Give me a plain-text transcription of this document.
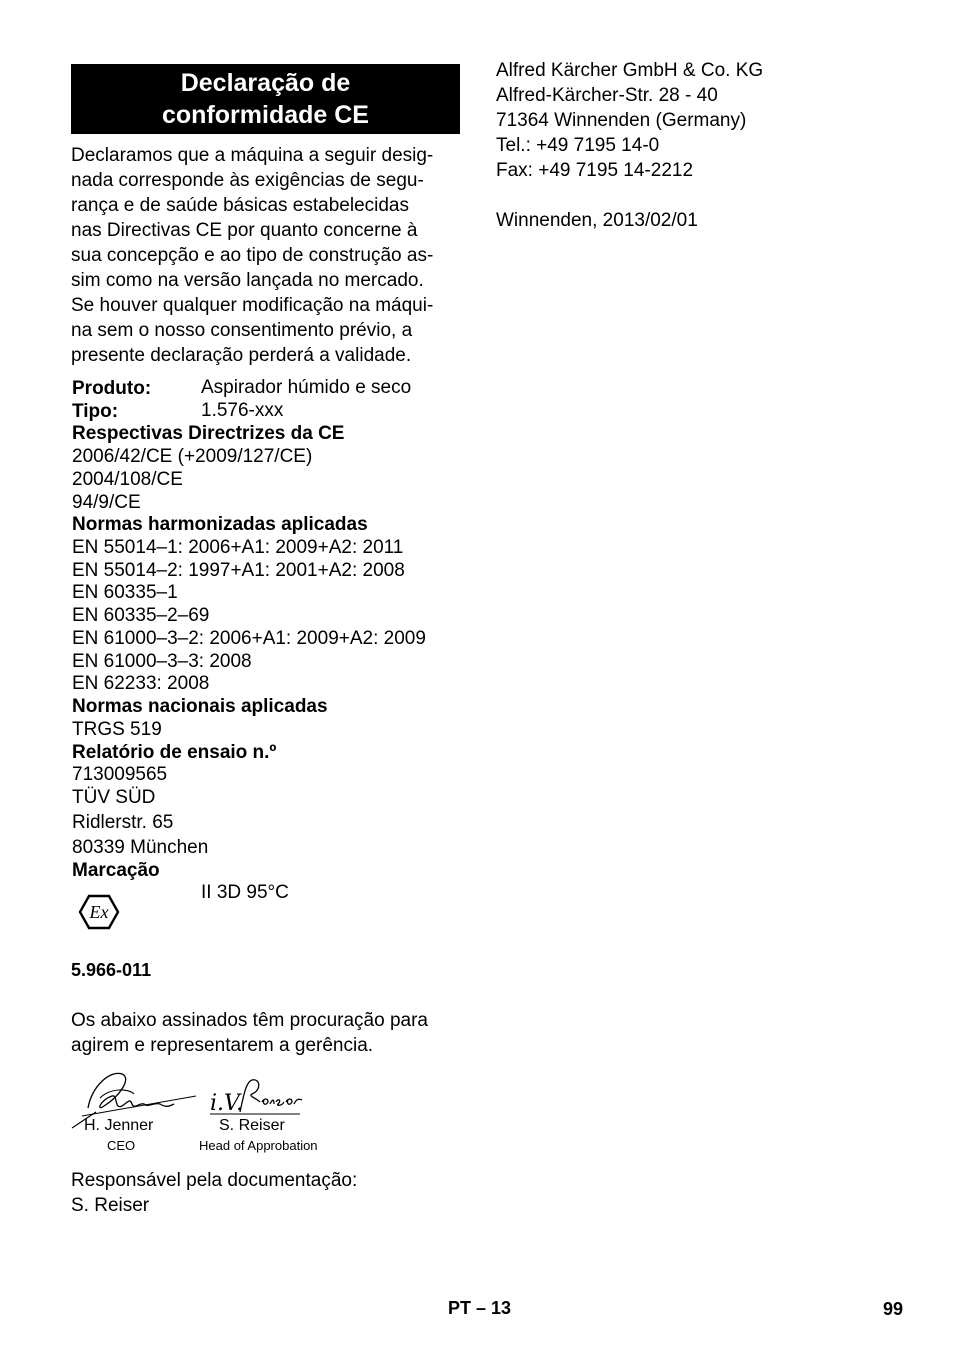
Declaração de
conformidade CE
Declaramos que a máquina a seguir desig-
nada corresponde às exigências de segu-
rança e de saúde básicas estabelecidas
nas Directivas CE por quanto concerne à
sua concepção e ao tipo de construção as-
sim como na versão lançada no mercado.
Se houver qualquer modificação na máqui-
na sem o nosso consentimento prévio, a
presente declaração perderá a validade.
Produto:	Aspirador húmido e seco
Tipo:	1.576-xxx
Respectivas Directrizes da CE
2006/42/CE (+2009/127/CE)
2004/108/CE
94/9/CE
Normas harmonizadas aplicadas
EN 55014–1: 2006+A1: 2009+A2: 2011
EN 55014–2: 1997+A1: 2001+A2: 2008
EN 60335–1
EN 60335–2–69
EN 61000–3–2: 2006+A1: 2009+A2: 2009
EN 61000–3–3: 2008
EN 62233: 2008
Normas nacionais aplicadas
TRGS 519
Relatório de ensaio n.º
713009565
TÜV SÜD
Ridlerstr. 65
80339 München
Marcação
II 3D 95°C
Ex
5.966-011
Os abaixo assinados têm procuração para
agirem e representarem a gerência.
H. Jenner
CEO
i.V.
S. Reiser
Head of Approbation
Responsável pela documentação:
S. Reiser
Alfred Kärcher GmbH & Co. KG
Alfred-Kärcher-Str. 28 - 40
71364 Winnenden (Germany)
Tel.: +49 7195 14-0
Fax: +49 7195 14-2212
Winnenden, 2013/02/01
PT – 13	99
